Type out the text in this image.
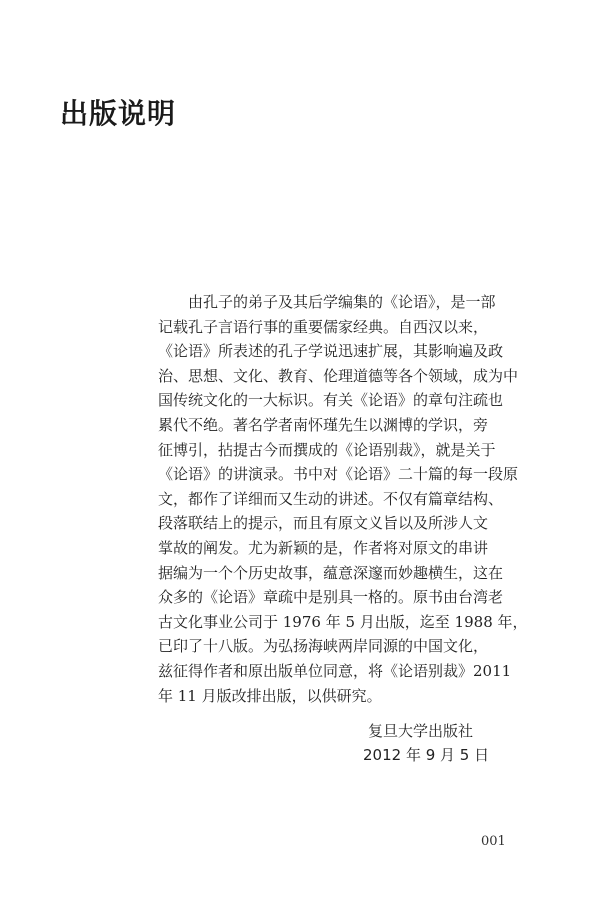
出版说明
由孔子的弟子及其后学编集的《论语》，是一部
记载孔子言语行事的重要儒家经典。自西汉以来，
《论语》所表述的孔子学说迅速扩展，其影响遍及政
治、思想、文化、教育、伦理道德等各个领域，成为中
国传统文化的一大标识。有关《论语》的章句注疏也
累代不绝。著名学者南怀瑾先生以渊博的学识，旁
征博引，拈提古今而撰成的《论语别裁》，就是关于
《论语》的讲演录。书中对《论语》二十篇的每一段原
文，都作了详细而又生动的讲述。不仅有篇章结构、
段落联结上的提示，而且有原文义旨以及所涉人文
掌故的阐发。尤为新颖的是，作者将对原文的串讲
据编为一个个历史故事，蕴意深邃而妙趣横生，这在
众多的《论语》章疏中是别具一格的。原书由台湾老
古文化事业公司于 1976 年 5 月出版，迄至 1988 年，
已印了十八版。为弘扬海峡两岸同源的中国文化，
兹征得作者和原出版单位同意，将《论语别裁》2011
年 11 月版改排出版，以供研究。
复旦大学出版社
2012 年 9 月 5 日
001
